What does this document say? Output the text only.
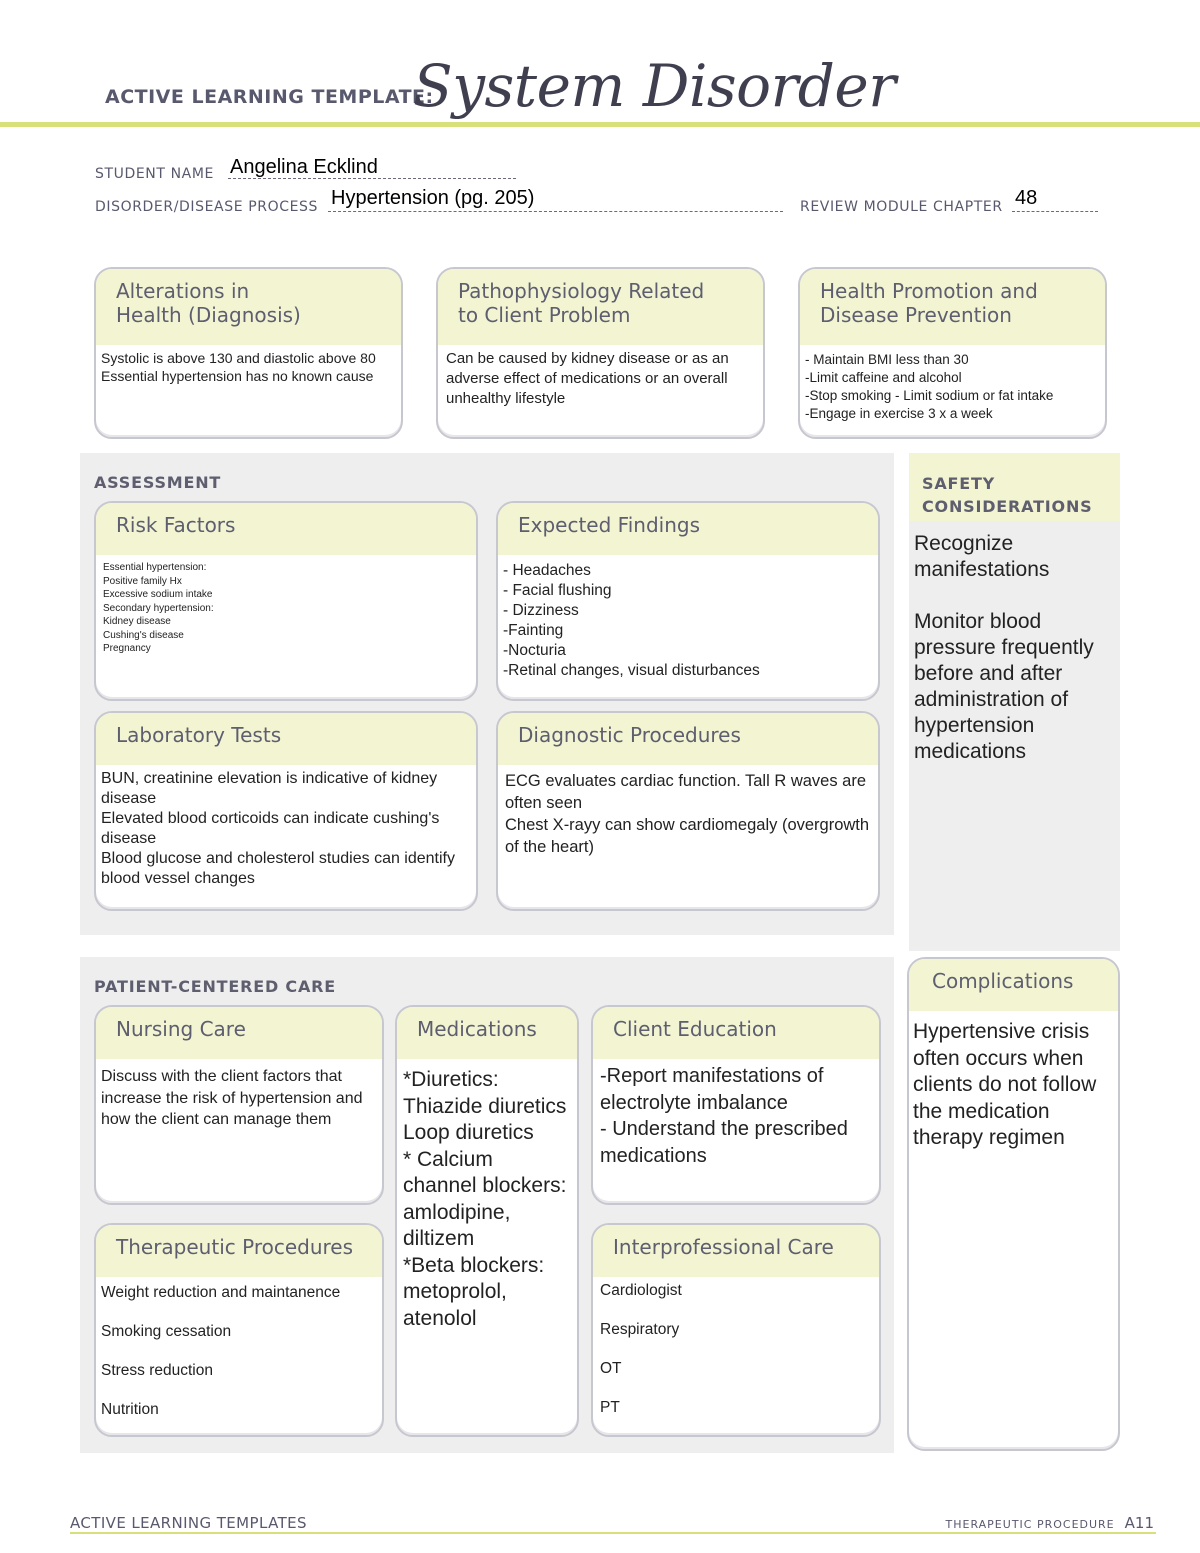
ACTIVE LEARNING TEMPLATE:
System Disorder
STUDENT NAME Angelina Ecklind
DISORDER/DISEASE PROCESS Hypertension (pg. 205)	REVIEW MODULE CHAPTER 48
Alterations in
Health (Diagnosis)
Systolic is above 130 and diastolic above 80
Essential hypertension has no known cause
Pathophysiology Related
to Client Problem
Can be caused by kidney disease or as an adverse effect of medications or an overall unhealthy lifestyle
Health Promotion and
Disease Prevention
- Maintain BMI less than 30
-Limit caffeine and alcohol
-Stop smoking - Limit sodium or fat intake
-Engage in exercise 3 x a week
ASSESSMENT
Risk Factors
Essential hypertension:
Positive family Hx
Excessive sodium intake
Secondary hypertension:
Kidney disease
Cushing's disease
Pregnancy
Expected Findings
- Headaches
- Facial flushing
- Dizziness
-Fainting
-Nocturia
-Retinal changes, visual disturbances
Laboratory Tests
BUN, creatinine elevation is indicative of kidney disease
Elevated blood corticoids can indicate cushing's disease
Blood glucose and cholesterol studies can identify blood vessel changes
Diagnostic Procedures
ECG evaluates cardiac function. Tall R waves are often seen
Chest X-rayy can show cardiomegaly (overgrowth of the heart)
SAFETY
CONSIDERATIONS
Recognize manifestations

Monitor blood pressure frequently before and after administration of hypertension medications
PATIENT-CENTERED CARE
Nursing Care
Discuss with the client factors that increase the risk of hypertension and how the client can manage them
Medications
*Diuretics:
Thiazide diuretics
Loop diuretics
* Calcium channel blockers: amlodipine, diltizem
*Beta blockers: metoprolol, atenolol
Client Education
-Report manifestations of electrolyte imbalance
- Understand the prescribed medications
Therapeutic Procedures
Weight reduction and maintanence

Smoking cessation

Stress reduction

Nutrition
Interprofessional Care
Cardiologist

Respiratory

OT

PT
Complications
Hypertensive crisis often occurs when clients do not follow the medication therapy regimen
ACTIVE LEARNING TEMPLATES	THERAPEUTIC PROCEDURE A11
